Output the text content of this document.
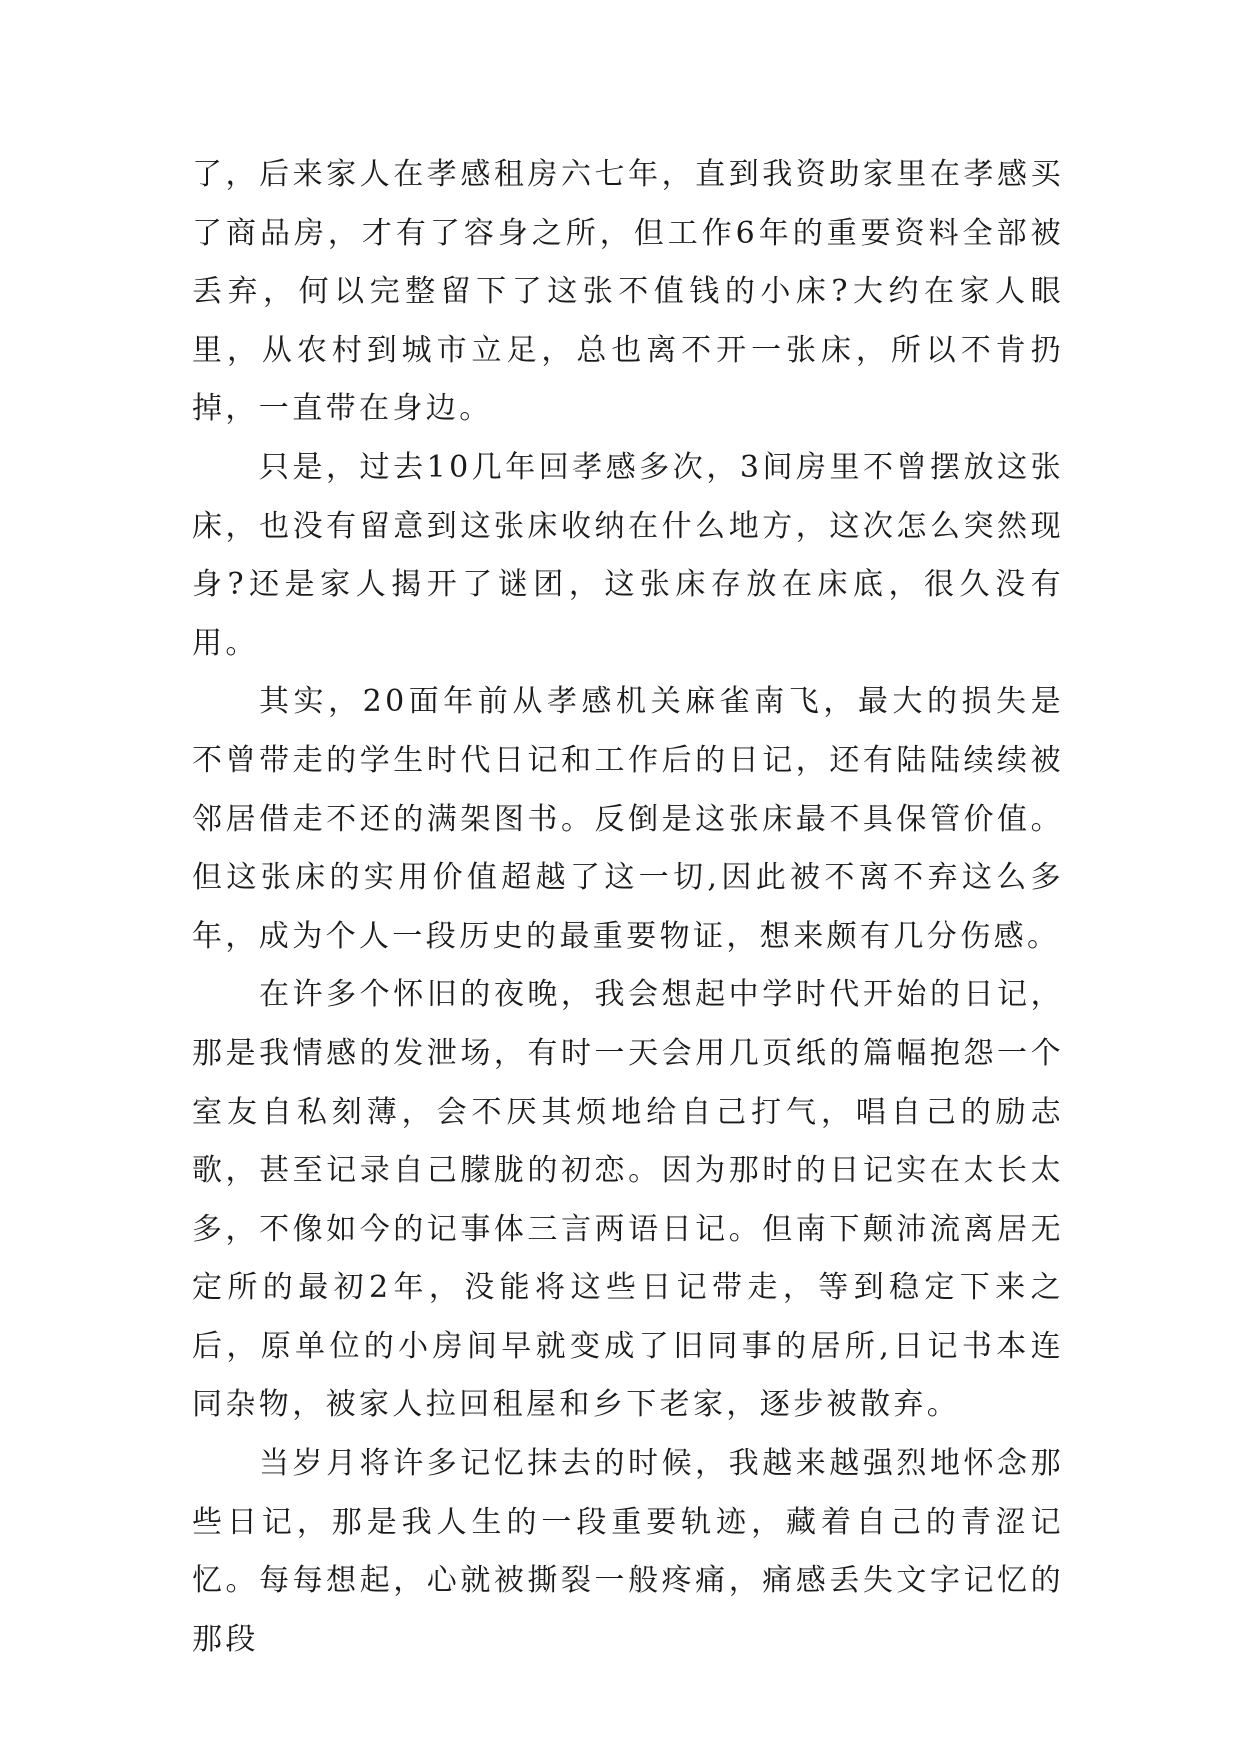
了，后来家人在孝感租房六七年，直到我资助家里在孝感买了商品房，才有了容身之所，但工作6年的重要资料全部被丢弃，何以完整留下了这张不值钱的小床?大约在家人眼里，从农村到城市立足，总也离不开一张床，所以不肯扔掉，一直带在身边。

只是，过去10几年回孝感多次，3间房里不曾摆放这张床，也没有留意到这张床收纳在什么地方，这次怎么突然现身?还是家人揭开了谜团，这张床存放在床底，很久没有用。

其实，20面年前从孝感机关麻雀南飞，最大的损失是不曾带走的学生时代日记和工作后的日记，还有陆陆续续被邻居借走不还的满架图书。反倒是这张床最不具保管价值。但这张床的实用价值超越了这一切,因此被不离不弃这么多年，成为个人一段历史的最重要物证，想来颇有几分伤感。

在许多个怀旧的夜晚，我会想起中学时代开始的日记，那是我情感的发泄场，有时一天会用几页纸的篇幅抱怨一个室友自私刻薄，会不厌其烦地给自己打气，唱自己的励志歌，甚至记录自己朦胧的初恋。因为那时的日记实在太长太多，不像如今的记事体三言两语日记。但南下颠沛流离居无定所的最初2年，没能将这些日记带走，等到稳定下来之后，原单位的小房间早就变成了旧同事的居所,日记书本连同杂物，被家人拉回租屋和乡下老家，逐步被散弃。

当岁月将许多记忆抹去的时候，我越来越强烈地怀念那些日记，那是我人生的一段重要轨迹，藏着自己的青涩记忆。每每想起，心就被撕裂一般疼痛，痛感丢失文字记忆的那段
